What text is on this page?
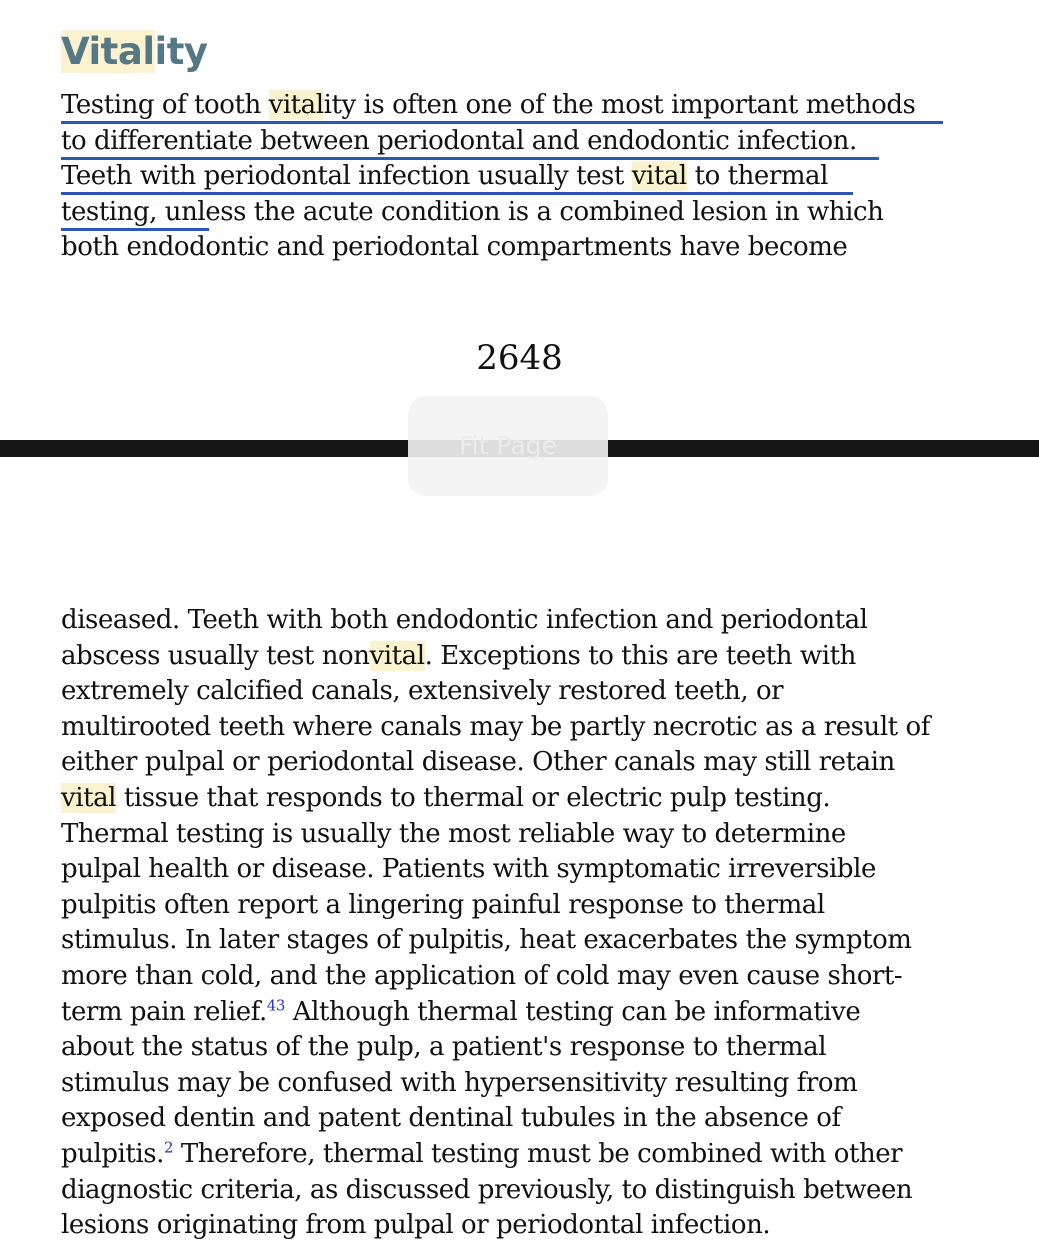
Vitality
Testing of tooth vitality is often one of the most important methods
to differentiate between periodontal and endodontic infection.
Teeth with periodontal infection usually test vital to thermal
testing, unless the acute condition is a combined lesion in which
both endodontic and periodontal compartments have become
2648
Fit Page
diseased. Teeth with both endodontic infection and periodontal
abscess usually test nonvital. Exceptions to this are teeth with
extremely calcified canals, extensively restored teeth, or
multirooted teeth where canals may be partly necrotic as a result of
either pulpal or periodontal disease. Other canals may still retain
vital tissue that responds to thermal or electric pulp testing.
Thermal testing is usually the most reliable way to determine
pulpal health or disease. Patients with symptomatic irreversible
pulpitis often report a lingering painful response to thermal
stimulus. In later stages of pulpitis, heat exacerbates the symptom
more than cold, and the application of cold may even cause short-
term pain relief.$^{43}$ Although thermal testing can be informative
about the status of the pulp, a patient's response to thermal
stimulus may be confused with hypersensitivity resulting from
exposed dentin and patent dentinal tubules in the absence of
pulpitis.$^2$ Therefore, thermal testing must be combined with other
diagnostic criteria, as discussed previously, to distinguish between
lesions originating from pulpal or periodontal infection.
